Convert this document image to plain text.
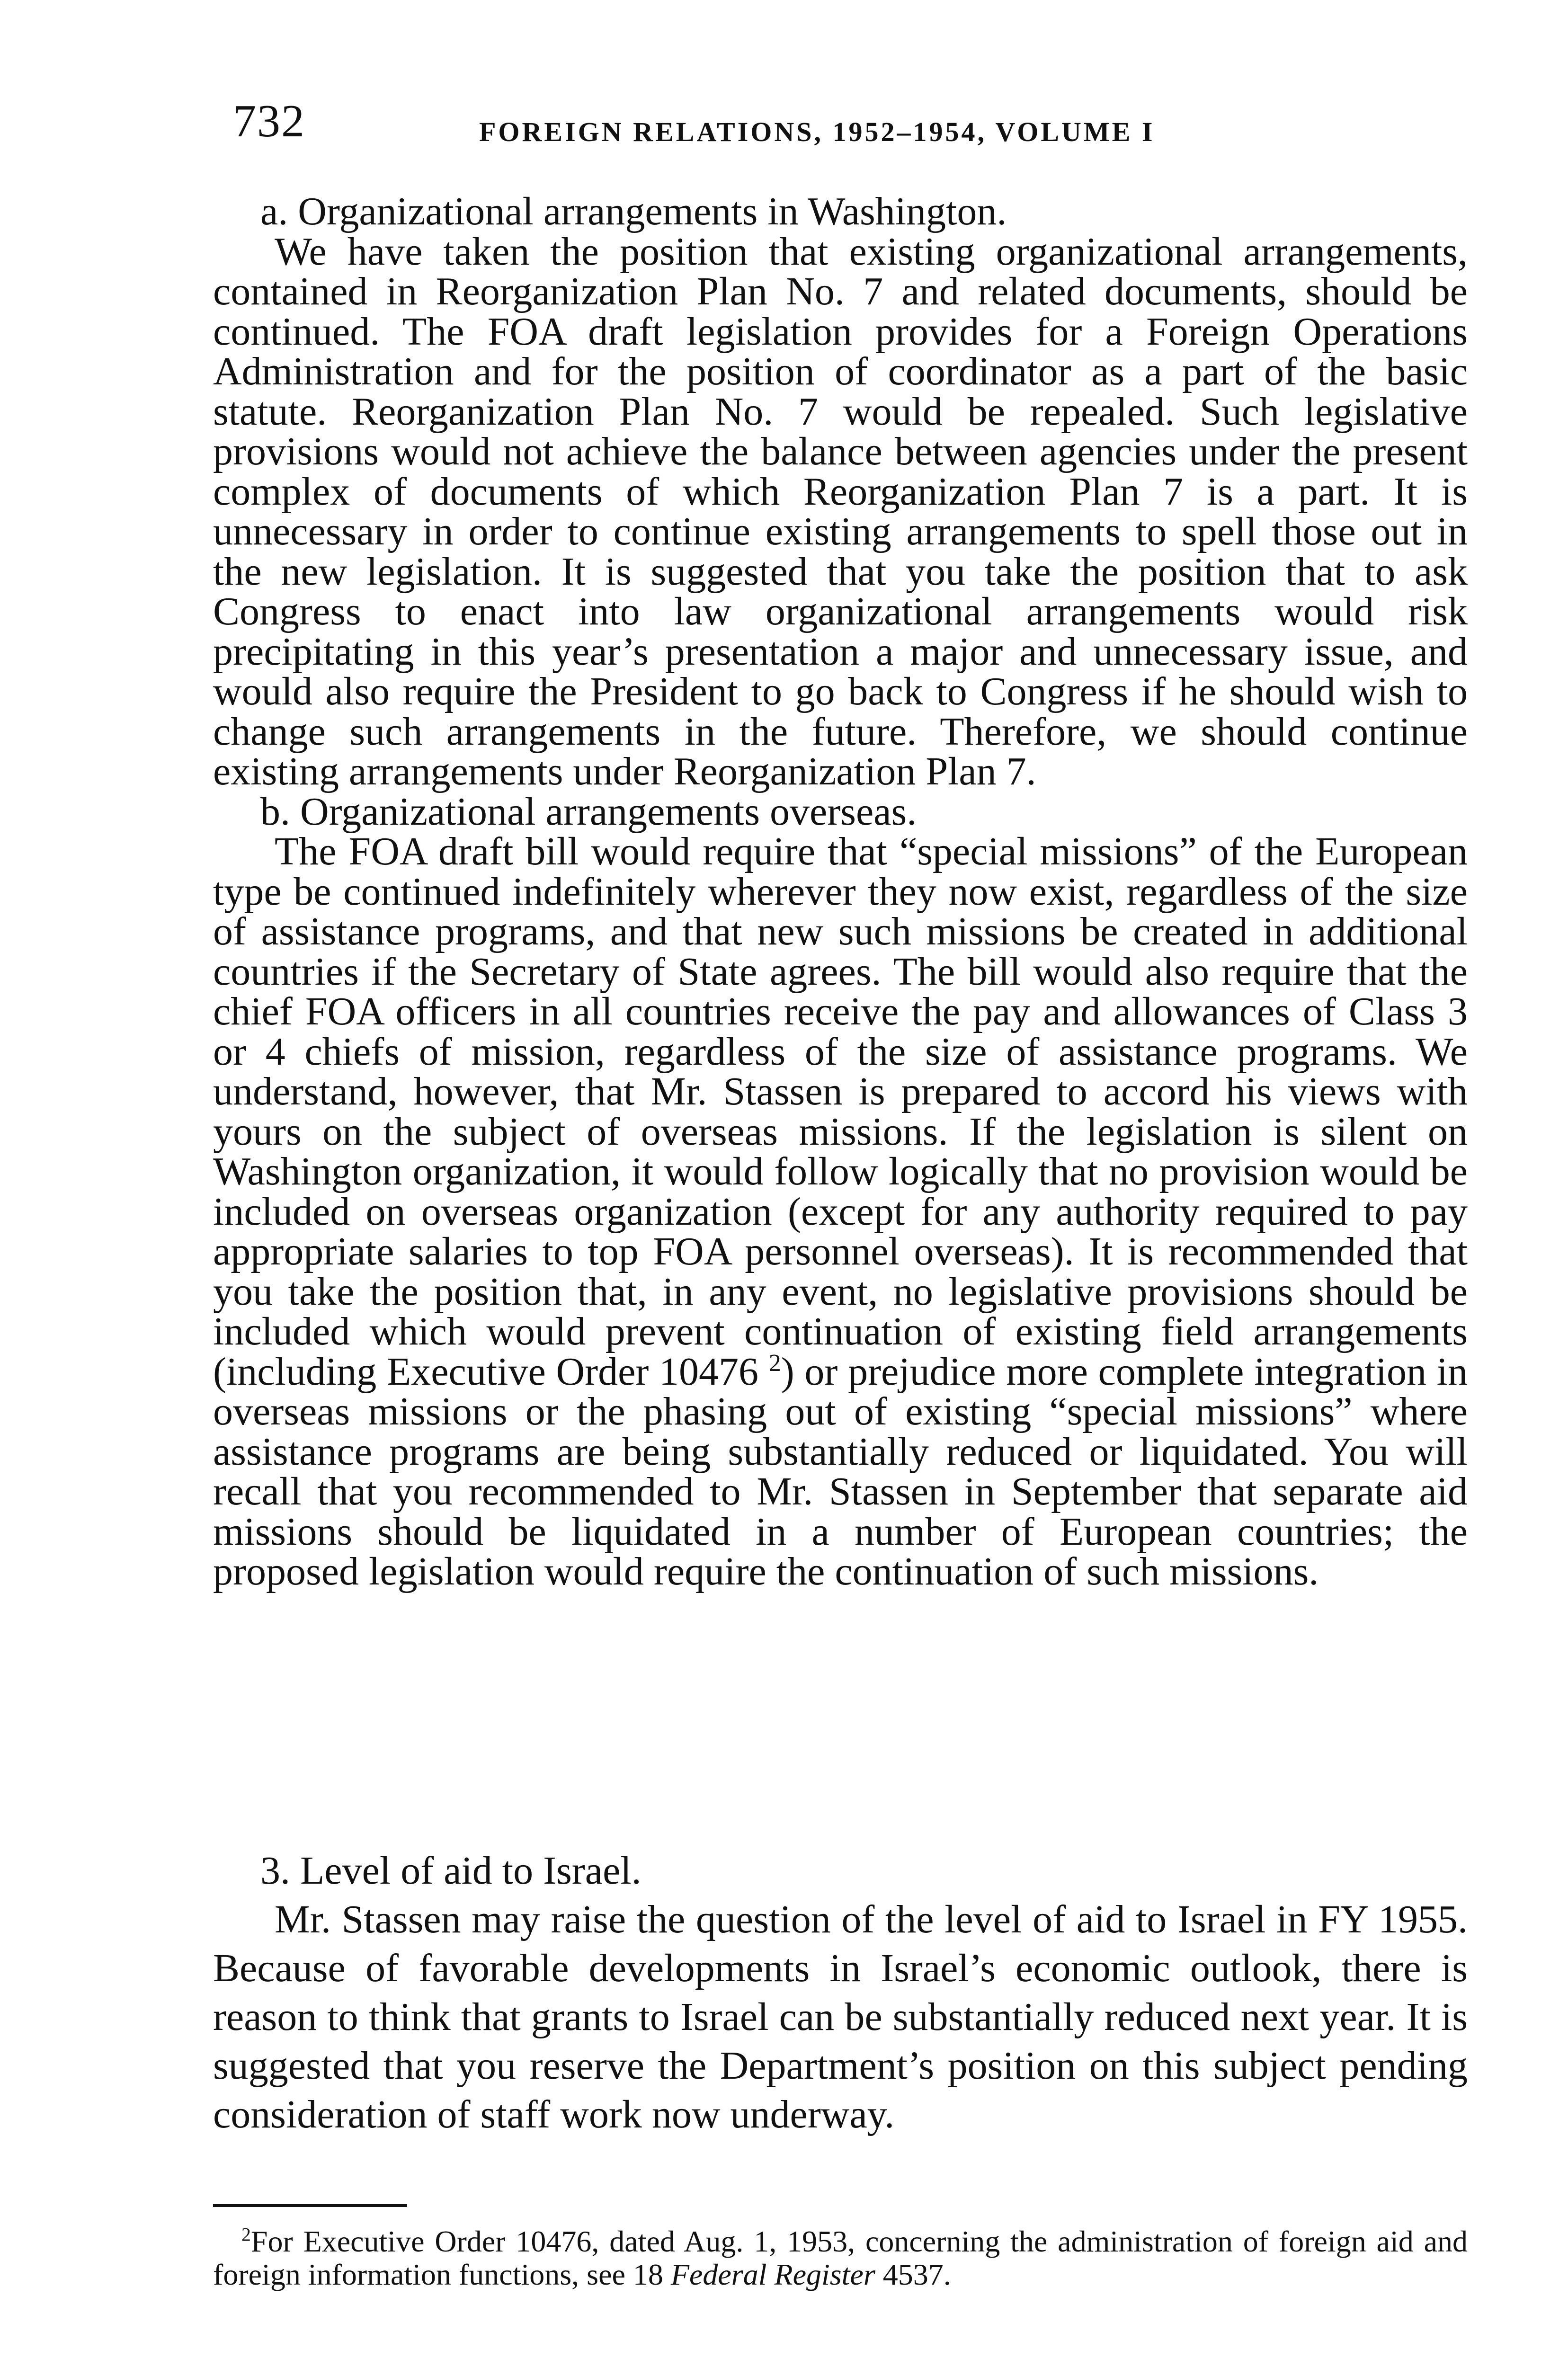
732	FOREIGN RELATIONS, 1952–1954, VOLUME I

a. Organizational arrangements in Washington.

We have taken the position that existing organizational arrangements, contained in Reorganization Plan No. 7 and related documents, should be continued. The FOA draft legislation provides for a Foreign Operations Administration and for the position of coordinator as a part of the basic statute. Reorganization Plan No. 7 would be repealed. Such legislative provisions would not achieve the balance between agencies under the present complex of documents of which Reorganization Plan 7 is a part. It is unnecessary in order to continue existing arrangements to spell those out in the new legislation. It is suggested that you take the position that to ask Congress to enact into law organizational arrangements would risk precipitating in this year’s presentation a major and unnecessary issue, and would also require the President to go back to Congress if he should wish to change such arrangements in the future. Therefore, we should continue existing arrangements under Reorganization Plan 7.

b. Organizational arrangements overseas.

The FOA draft bill would require that “special missions” of the European type be continued indefinitely wherever they now exist, regardless of the size of assistance programs, and that new such missions be created in additional countries if the Secretary of State agrees. The bill would also require that the chief FOA officers in all countries receive the pay and allowances of Class 3 or 4 chiefs of mission, regardless of the size of assistance programs. We understand, however, that Mr. Stassen is prepared to accord his views with yours on the subject of overseas missions. If the legislation is silent on Washington organization, it would follow logically that no provision would be included on overseas organization (except for any authority required to pay appropriate salaries to top FOA personnel overseas). It is recommended that you take the position that, in any event, no legislative provisions should be included which would prevent continuation of existing field arrangements (including Executive Order 10476 $^2$) or prejudice more complete integration in overseas missions or the phasing out of existing “special missions” where assistance programs are being substantially reduced or liquidated. You will recall that you recommended to Mr. Stassen in September that separate aid missions should be liquidated in a number of European countries; the proposed legislation would require the continuation of such missions.

3. Level of aid to Israel.

Mr. Stassen may raise the question of the level of aid to Israel in FY 1955. Because of favorable developments in Israel’s economic outlook, there is reason to think that grants to Israel can be substantially reduced next year. It is suggested that you reserve the Department’s position on this subject pending consideration of staff work now underway.

$^2$For Executive Order 10476, dated Aug. 1, 1953, concerning the administration of foreign aid and foreign information functions, see 18 Federal Register 4537.
